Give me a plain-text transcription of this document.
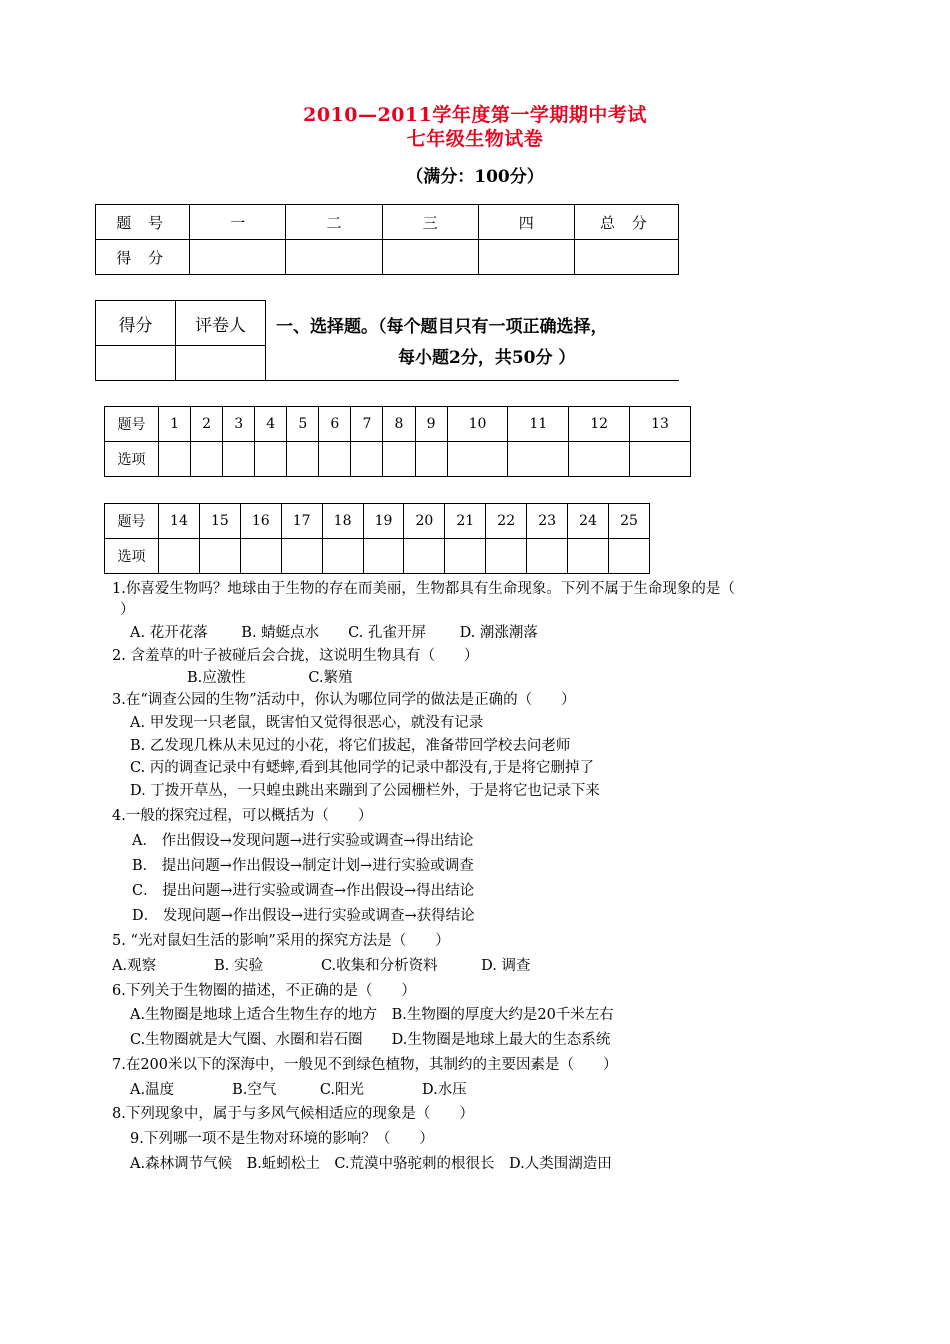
2010—2011学年度第一学期期中考试
七年级生物试卷
（满分：100分）
题 号	一	二	三	四	总 分
得 分					
得分	评卷人
	一、选择题。（每个题目只有一项正确选择，
每小题2分，共50分 ）
题号	1	2	3	4	5	6	7	8	9	10	11	12	13
选项													
题号	14	15	16	17	18	19	20	21	22	23	24	25
选项												
1.你喜爱生物吗？地球由于生物的存在而美丽，生物都具有生命现象。下列不属于生命现象的是（
）
A. 花开花落　　 B. 蜻蜓点水　　C. 孔雀开屏　　 D. 潮涨潮落
2. 含羞草的叶子被碰后会合拢，这说明生物具有（　　）
B.应激性　　　　 C.繁殖
3.在“调查公园的生物”活动中，你认为哪位同学的做法是正确的（　　）
A. 甲发现一只老鼠，既害怕又觉得很恶心，就没有记录
B. 乙发现几株从未见过的小花，将它们拔起，准备带回学校去问老师
C. 丙的调查记录中有蟋蟀,看到其他同学的记录中都没有,于是将它删掉了
D. 丁拨开草丛，一只蝗虫跳出来蹦到了公园栅栏外，于是将它也记录下来
4.一般的探究过程，可以概括为（　　）
A． 作出假设→发现问题→进行实验或调查→得出结论
B． 提出问题→作出假设→制定计划→进行实验或调查
C． 提出问题→进行实验或调查→作出假设→得出结论
D． 发现问题→作出假设→进行实验或调查→获得结论
5. “光对鼠妇生活的影响”采用的探究方法是（　　）
A.观察　　　　B. 实验　　　　C.收集和分析资料　　　D. 调查
6.下列关于生物圈的描述，不正确的是（　　）
A.生物圈是地球上适合生物生存的地方　B.生物圈的厚度大约是20千米左右
C.生物圈就是大气圈、水圈和岩石圈　　D.生物圈是地球上最大的生态系统
7.在200米以下的深海中，一般见不到绿色植物，其制约的主要因素是（　　）
A.温度　　　　B.空气　　　C.阳光　　　　D.水压
8.下列现象中，属于与多风气候相适应的现象是（　　）
9.下列哪一项不是生物对环境的影响？（　　）
A.森林调节气候　B.蚯蚓松土　C.荒漠中骆驼刺的根很长　D.人类围湖造田
